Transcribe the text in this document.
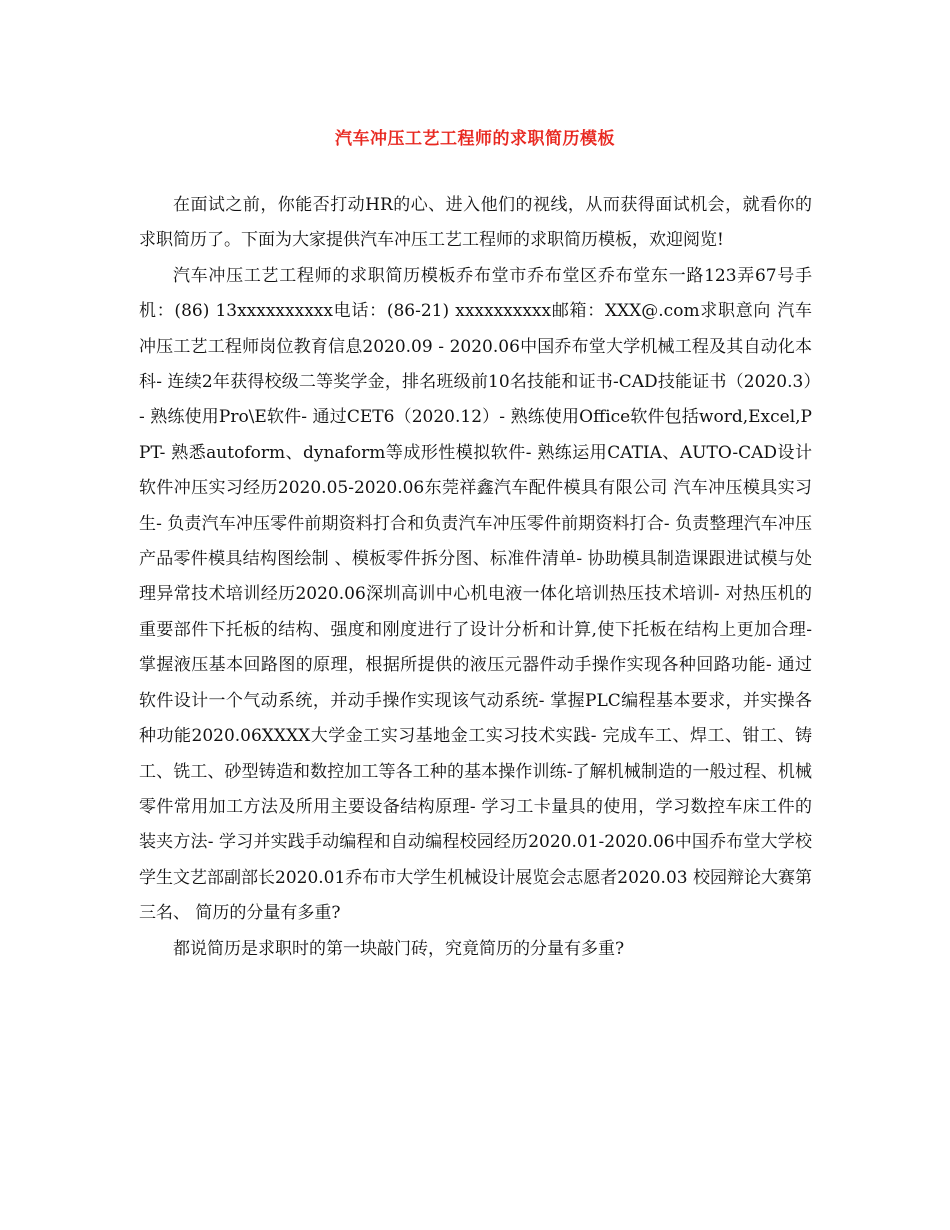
汽车冲压工艺工程师的求职简历模板

在面试之前，你能否打动HR的心、进入他们的视线，从而获得面试机会，就看你的求职简历了。下面为大家提供汽车冲压工艺工程师的求职简历模板，欢迎阅览!

汽车冲压工艺工程师的求职简历模板乔布堂市乔布堂区乔布堂东一路123弄67号手机：(86) 13xxxxxxxxxx电话：(86-21) xxxxxxxxxx邮箱：XXX@.com求职意向 汽车冲压工艺工程师岗位教育信息2020.09 - 2020.06中国乔布堂大学机械工程及其自动化本科- 连续2年获得校级二等奖学金，排名班级前10名技能和证书-CAD技能证书（2020.3）- 熟练使用Pro\E软件- 通过CET6（2020.12）- 熟练使用Office软件包括word,Excel,PPT- 熟悉autoform、dynaform等成形性模拟软件- 熟练运用CATIA、AUTO-CAD设计软件冲压实习经历2020.05-2020.06东莞祥鑫汽车配件模具有限公司 汽车冲压模具实习生- 负责汽车冲压零件前期资料打合和负责汽车冲压零件前期资料打合- 负责整理汽车冲压产品零件模具结构图绘制 、模板零件拆分图、标准件清单- 协助模具制造课跟进试模与处理异常技术培训经历2020.06深圳高训中心机电液一体化培训热压技术培训- 对热压机的重要部件下托板的结构、强度和刚度进行了设计分析和计算,使下托板在结构上更加合理- 掌握液压基本回路图的原理，根据所提供的液压元器件动手操作实现各种回路功能- 通过软件设计一个气动系统，并动手操作实现该气动系统- 掌握PLC编程基本要求，并实操各种功能2020.06XXXX大学金工实习基地金工实习技术实践- 完成车工、焊工、钳工、铸工、铣工、砂型铸造和数控加工等各工种的基本操作训练-了解机械制造的一般过程、机械零件常用加工方法及所用主要设备结构原理- 学习工卡量具的使用，学习数控车床工件的装夹方法- 学习并实践手动编程和自动编程校园经历2020.01-2020.06中国乔布堂大学校学生文艺部副部长2020.01乔布市大学生机械设计展览会志愿者2020.03 校园辩论大赛第三名、 简历的分量有多重?

都说简历是求职时的第一块敲门砖，究竟简历的分量有多重?
